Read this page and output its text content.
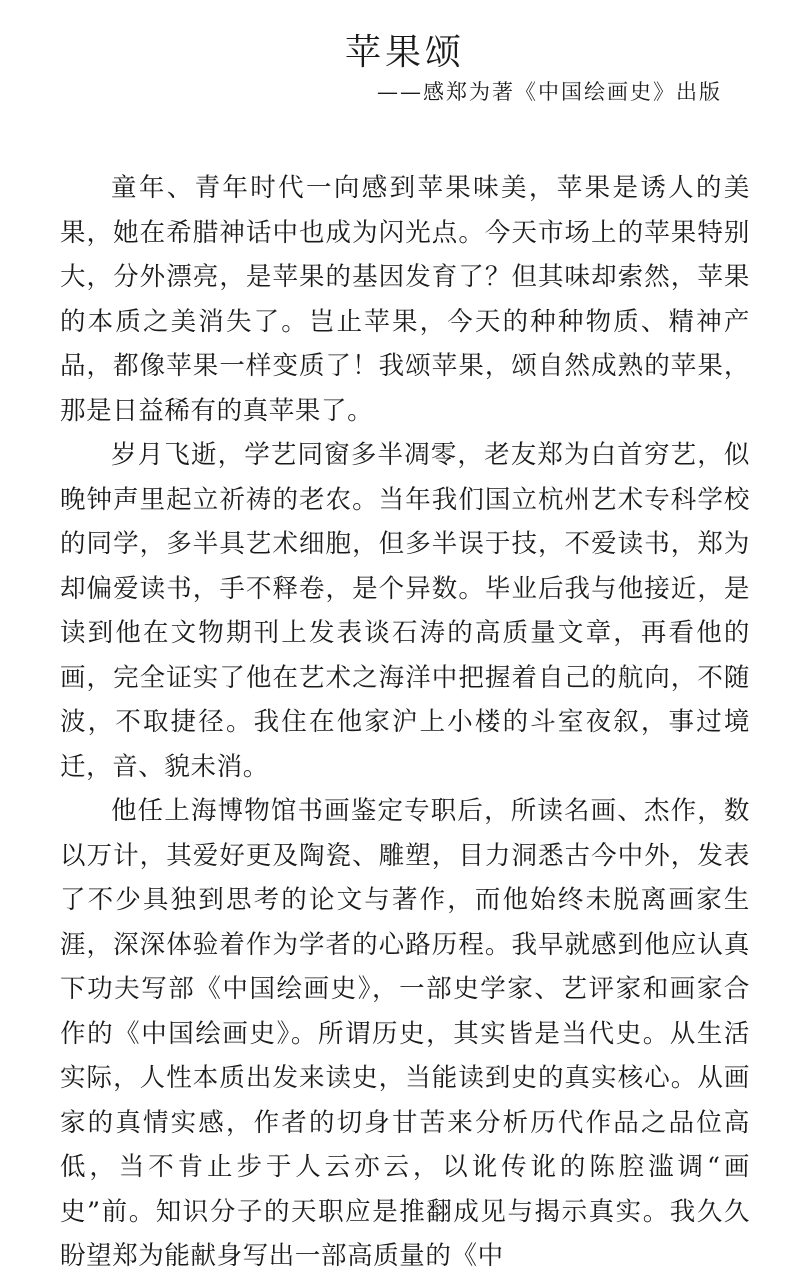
苹果颂

——感郑为著《中国绘画史》出版

童年、青年时代一向感到苹果味美，苹果是诱人的美果，她在希腊神话中也成为闪光点。今天市场上的苹果特别大，分外漂亮，是苹果的基因发育了？但其味却索然，苹果的本质之美消失了。岂止苹果，今天的种种物质、精神产品，都像苹果一样变质了！我颂苹果，颂自然成熟的苹果，那是日益稀有的真苹果了。

岁月飞逝，学艺同窗多半凋零，老友郑为白首穷艺，似晚钟声里起立祈祷的老农。当年我们国立杭州艺术专科学校的同学，多半具艺术细胞，但多半误于技，不爱读书，郑为却偏爱读书，手不释卷，是个异数。毕业后我与他接近，是读到他在文物期刊上发表谈石涛的高质量文章，再看他的画，完全证实了他在艺术之海洋中把握着自己的航向，不随波，不取捷径。我住在他家沪上小楼的斗室夜叙，事过境迁，音、貌未消。

他任上海博物馆书画鉴定专职后，所读名画、杰作，数以万计，其爱好更及陶瓷、雕塑，目力洞悉古今中外，发表了不少具独到思考的论文与著作，而他始终未脱离画家生涯，深深体验着作为学者的心路历程。我早就感到他应认真下功夫写部《中国绘画史》，一部史学家、艺评家和画家合作的《中国绘画史》。所谓历史，其实皆是当代史。从生活实际，人性本质出发来读史，当能读到史的真实核心。从画家的真情实感，作者的切身甘苦来分析历代作品之品位高低，当不肯止步于人云亦云，以讹传讹的陈腔滥调“画史”前。知识分子的天职应是推翻成见与揭示真实。我久久盼望郑为能献身写出一部高质量的《中
